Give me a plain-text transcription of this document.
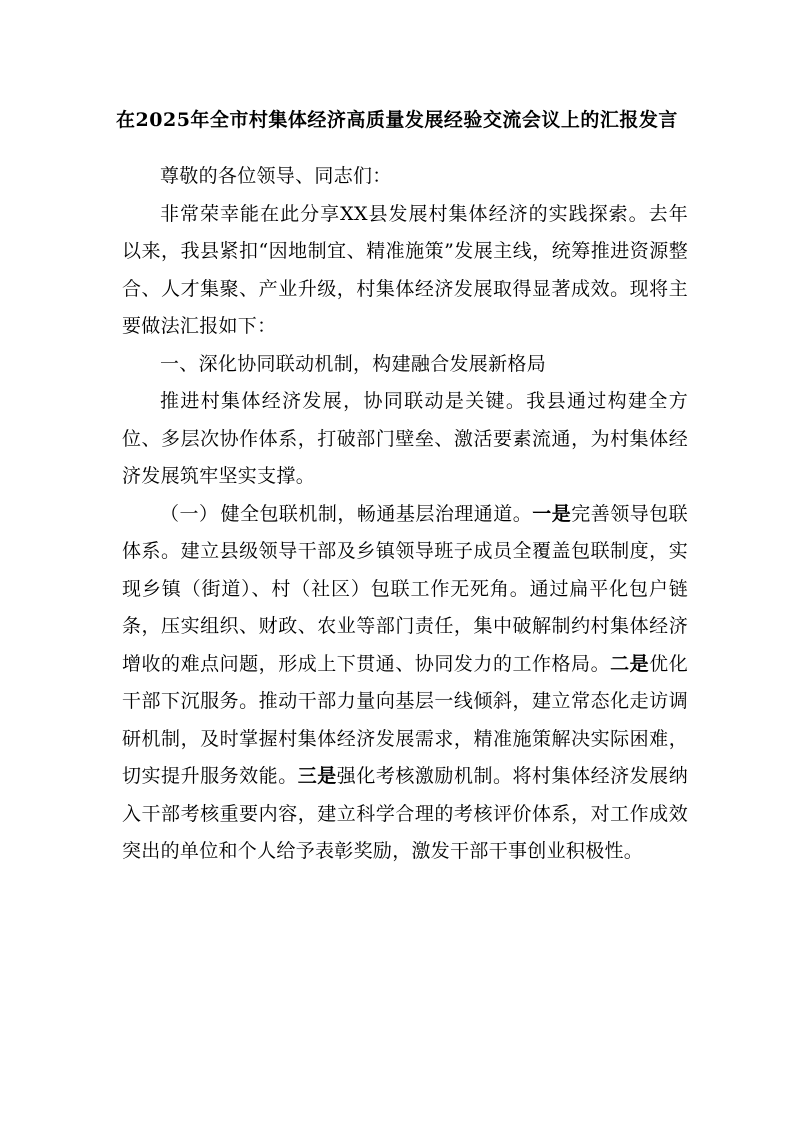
在2025年全市村集体经济高质量发展经验交流会议上的汇报发言

尊敬的各位领导、同志们：

非常荣幸能在此分享XX县发展村集体经济的实践探索。去年以来，我县紧扣“因地制宜、精准施策”发展主线，统筹推进资源整合、人才集聚、产业升级，村集体经济发展取得显著成效。现将主要做法汇报如下：

一、深化协同联动机制，构建融合发展新格局

推进村集体经济发展，协同联动是关键。我县通过构建全方位、多层次协作体系，打破部门壁垒、激活要素流通，为村集体经济发展筑牢坚实支撑。

（一） 健全包联机制，畅通基层治理通道。一是完善领导包联体系。建立县级领导干部及乡镇领导班子成员全覆盖包联制度，实现乡镇（街道）、村（社区）包联工作无死角。通过扁平化包户链条，压实组织、财政、农业等部门责任，集中破解制约村集体经济增收的难点问题，形成上下贯通、协同发力的工作格局。二是优化干部下沉服务。推动干部力量向基层一线倾斜，建立常态化走访调研机制，及时掌握村集体经济发展需求，精准施策解决实际困难，切实提升服务效能。三是强化考核激励机制。将村集体经济发展纳入干部考核重要内容，建立科学合理的考核评价体系，对工作成效突出的单位和个人给予表彰奖励，激发干部干事创业积极性。
